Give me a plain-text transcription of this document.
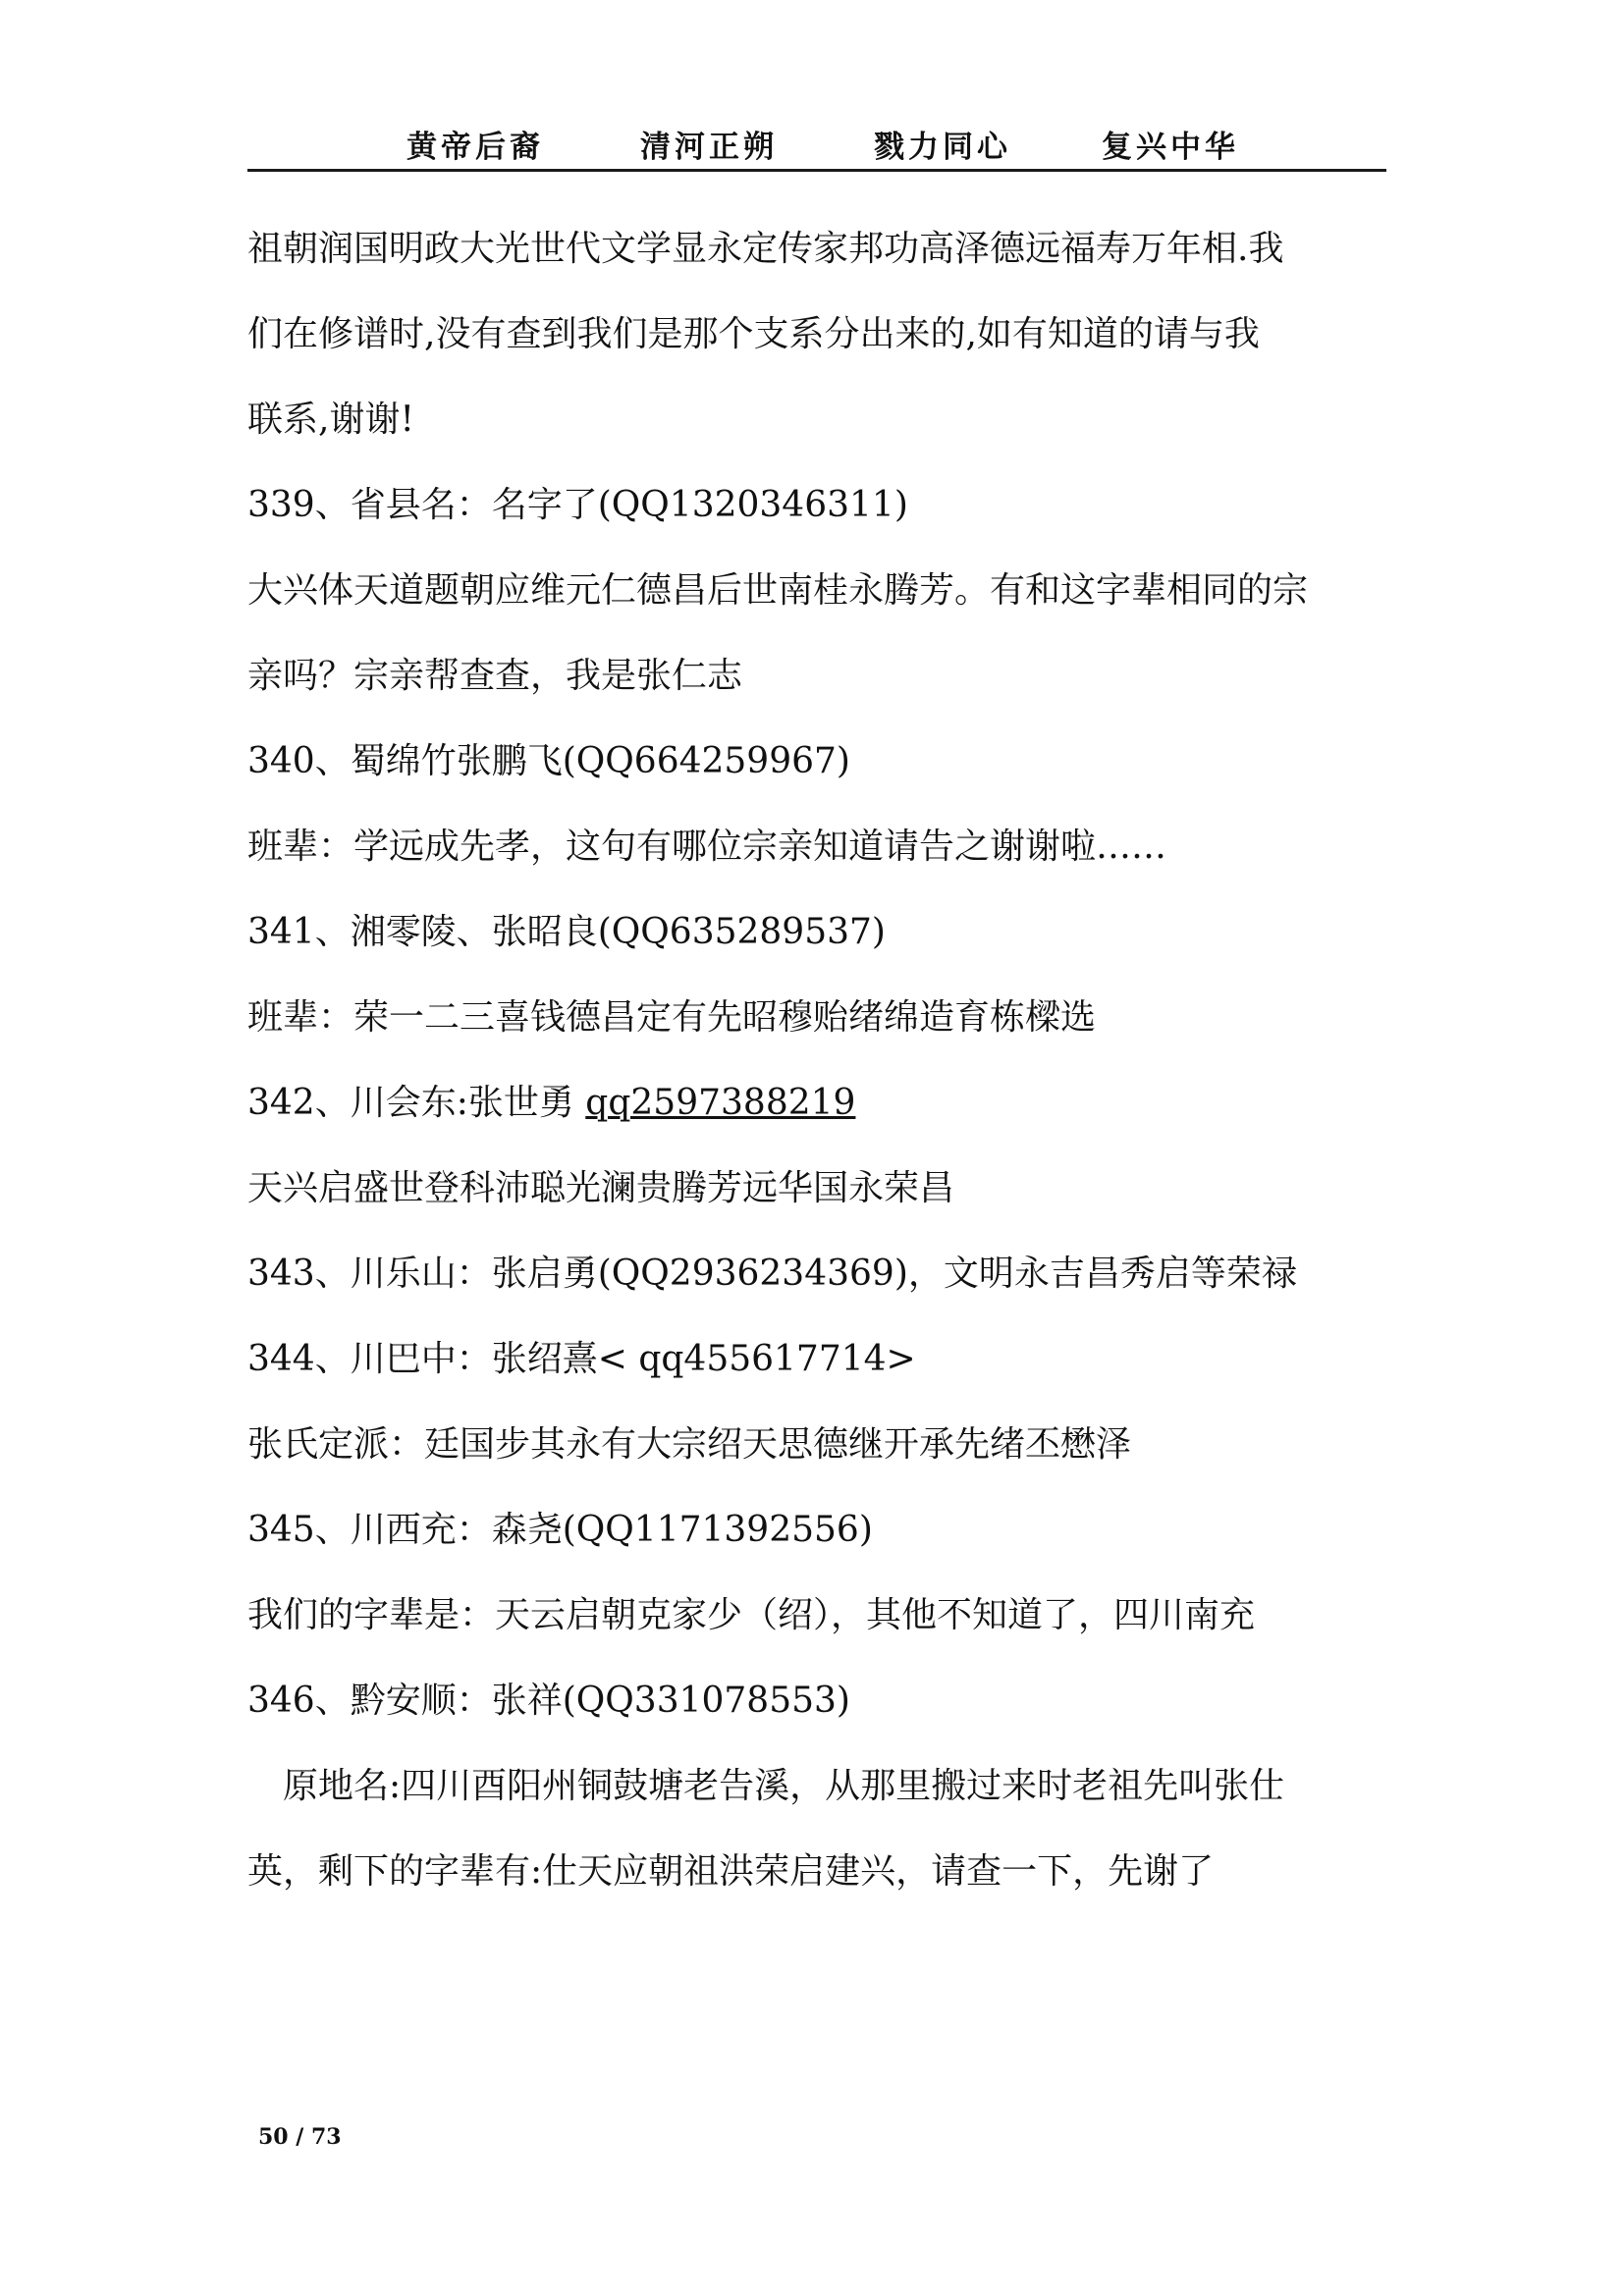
黄帝后裔	清河正朔	戮力同心	复兴中华
祖朝润国明政大光世代文学显永定传家邦功高泽德远福寿万年相.我
们在修谱时,没有查到我们是那个支系分出来的,如有知道的请与我
联系,谢谢!
339、省县名：名字了(QQ1320346311)
大兴体天道题朝应维元仁德昌后世南桂永腾芳。有和这字辈相同的宗
亲吗？宗亲帮查查，我是张仁志
340、蜀绵竹张鹏飞(QQ664259967)
班辈：学远成先孝，这句有哪位宗亲知道请告之谢谢啦……
341、湘零陵、张昭良(QQ635289537)
班辈：荣一二三喜钱德昌定有先昭穆贻绪绵造育栋樑选
342、川会东:张世勇 qq2597388219
天兴启盛世登科沛聪光澜贵腾芳远华国永荣昌
343、川乐山：张启勇(QQ2936234369)，文明永吉昌秀启等荣禄
344、川巴中：张绍熹< qq455617714>
张氏定派：廷国步其永有大宗绍天思德继开承先绪丕懋泽
345、川西充：森尧(QQ1171392556)
我们的字辈是：天云启朝克家少（绍），其他不知道了，四川南充
346、黔安顺：张祥(QQ331078553)
原地名:四川酉阳州铜鼓塘老告溪，从那里搬过来时老祖先叫张仕
英，剩下的字辈有:仕天应朝祖洪荣启建兴，请查一下，先谢了
50 / 73
